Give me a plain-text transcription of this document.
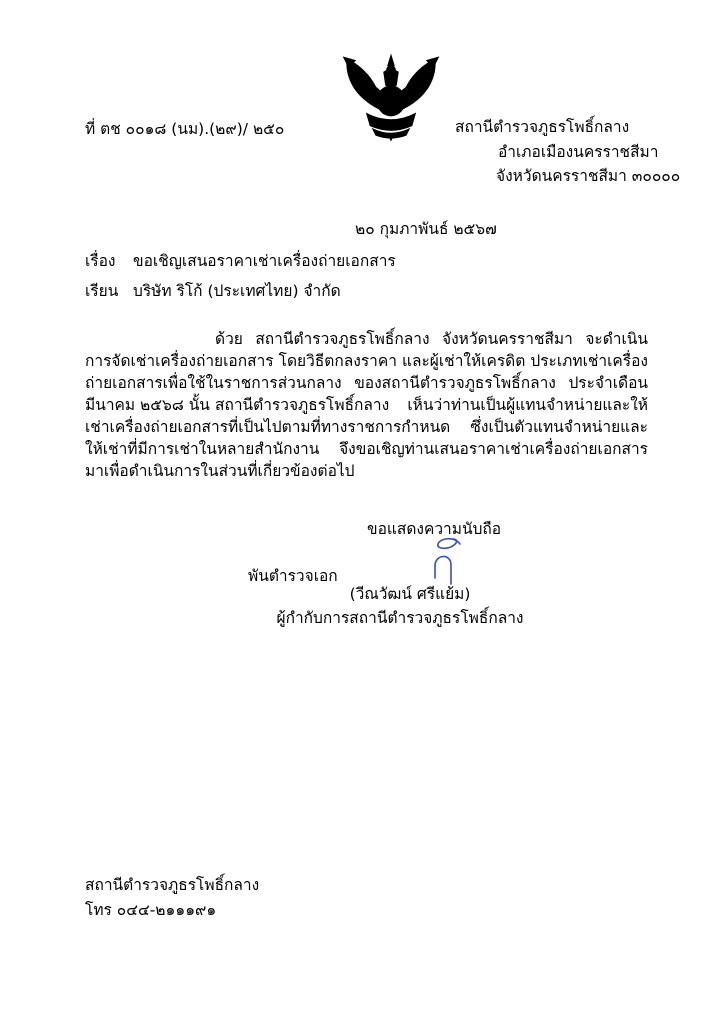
ที่ ตช ๐๐๑๘ (นม).(๒๙)/ ๒๕๐	สถานีตำรวจภูธรโพธิ์กลาง
อำเภอเมืองนครราชสีมา
จังหวัดนครราชสีมา ๓๐๐๐๐
๒๐ กุมภาพันธ์ ๒๕๖๗
เรื่อง ขอเชิญเสนอราคาเช่าเครื่องถ่ายเอกสาร
เรียน บริษัท ริโก้ (ประเทศไทย) จำกัด
ด้วย สถานีตำรวจภูธรโพธิ์กลาง จังหวัดนครราชสีมา จะดำเนินการจัดเช่าเครื่องถ่ายเอกสาร โดยวิธีตกลงราคา และผู้เช่าให้เครดิต ประเภทเช่าเครื่องถ่ายเอกสารเพื่อใช้ในราชการส่วนกลาง ของสถานีตำรวจภูธรโพธิ์กลาง ประจำเดือน มีนาคม ๒๕๖๘ นั้น สถานีตำรวจภูธรโพธิ์กลาง เห็นว่าท่านเป็นผู้แทนจำหน่ายและให้เช่าเครื่องถ่ายเอกสารที่เป็นไปตามที่ทางราชการกำหนด ซึ่งเป็นตัวแทนจำหน่ายและให้เช่าที่มีการเช่าในหลายสำนักงาน จึงขอเชิญท่านเสนอราคาเช่าเครื่องถ่ายเอกสาร มาเพื่อดำเนินการในส่วนที่เกี่ยวข้องต่อไป
ขอแสดงความนับถือ
พันตำรวจเอก
(วีณวัฒน์ ศรีแย้ม)
ผู้กำกับการสถานีตำรวจภูธรโพธิ์กลาง
สถานีตำรวจภูธรโพธิ์กลาง
โทร ๐๔๔-๒๑๑๑๙๑
